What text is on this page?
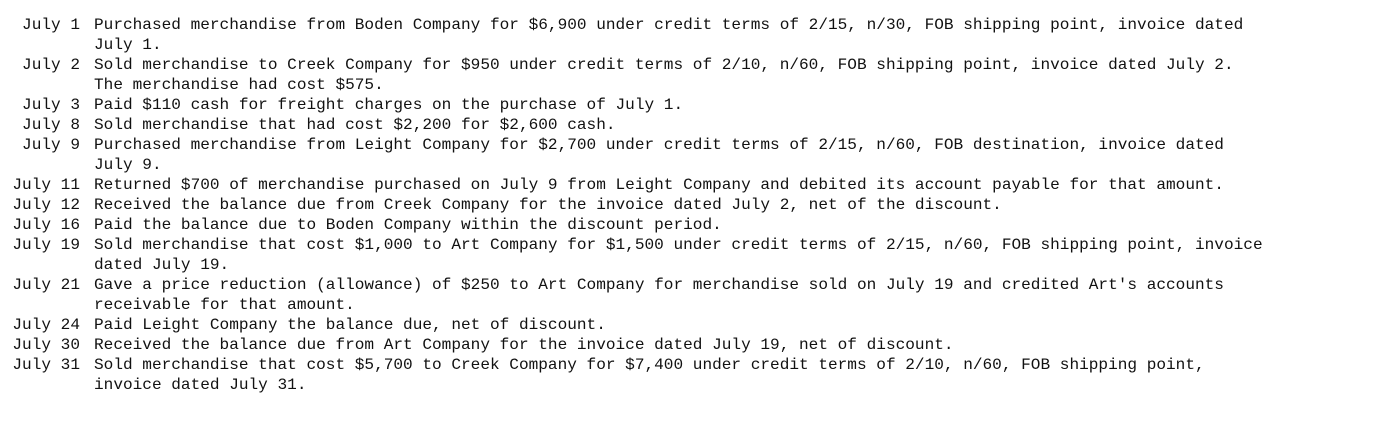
July 1 Purchased merchandise from Boden Company for $6,900 under credit terms of 2/15, n/30, FOB shipping point, invoice dated July 1.
July 2 Sold merchandise to Creek Company for $950 under credit terms of 2/10, n/60, FOB shipping point, invoice dated July 2. The merchandise had cost $575.
July 3 Paid $110 cash for freight charges on the purchase of July 1.
July 8 Sold merchandise that had cost $2,200 for $2,600 cash.
July 9 Purchased merchandise from Leight Company for $2,700 under credit terms of 2/15, n/60, FOB destination, invoice dated July 9.
July 11 Returned $700 of merchandise purchased on July 9 from Leight Company and debited its account payable for that amount.
July 12 Received the balance due from Creek Company for the invoice dated July 2, net of the discount.
July 16 Paid the balance due to Boden Company within the discount period.
July 19 Sold merchandise that cost $1,000 to Art Company for $1,500 under credit terms of 2/15, n/60, FOB shipping point, invoice dated July 19.
July 21 Gave a price reduction (allowance) of $250 to Art Company for merchandise sold on July 19 and credited Art's accounts receivable for that amount.
July 24 Paid Leight Company the balance due, net of discount.
July 30 Received the balance due from Art Company for the invoice dated July 19, net of discount.
July 31 Sold merchandise that cost $5,700 to Creek Company for $7,400 under credit terms of 2/10, n/60, FOB shipping point, invoice dated July 31.
